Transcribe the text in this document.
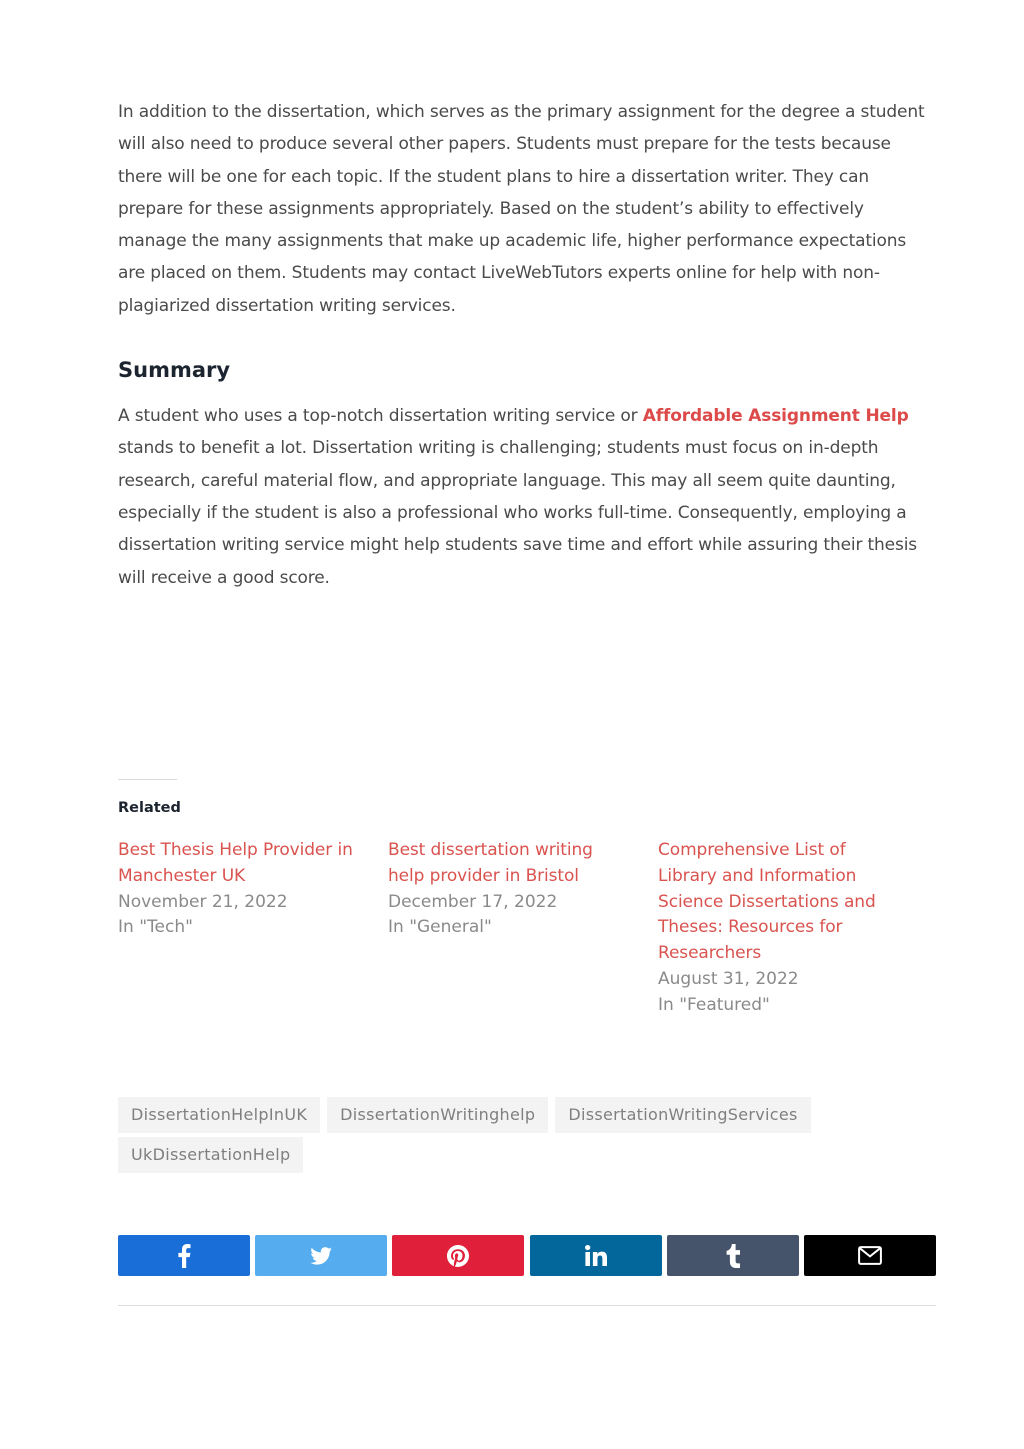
In addition to the dissertation, which serves as the primary assignment for the degree a student will also need to produce several other papers. Students must prepare for the tests because there will be one for each topic. If the student plans to hire a dissertation writer. They can prepare for these assignments appropriately. Based on the student’s ability to effectively manage the many assignments that make up academic life, higher performance expectations are placed on them. Students may contact LiveWebTutors experts online for help with non-plagiarized dissertation writing services.

Summary

A student who uses a top-notch dissertation writing service or Affordable Assignment Help stands to benefit a lot. Dissertation writing is challenging; students must focus on in-depth research, careful material flow, and appropriate language. This may all seem quite daunting, especially if the student is also a professional who works full-time. Consequently, employing a dissertation writing service might help students save time and effort while assuring their thesis will receive a good score.

Related
Best Thesis Help Provider in Manchester UK
November 21, 2022
In "Tech"
Best dissertation writing help provider in Bristol
December 17, 2022
In "General"
Comprehensive List of Library and Information Science Dissertations and Theses: Resources for Researchers
August 31, 2022
In "Featured"
DissertationHelpInUK	DissertationWritinghelp	DissertationWritingServices
UkDissertationHelp
